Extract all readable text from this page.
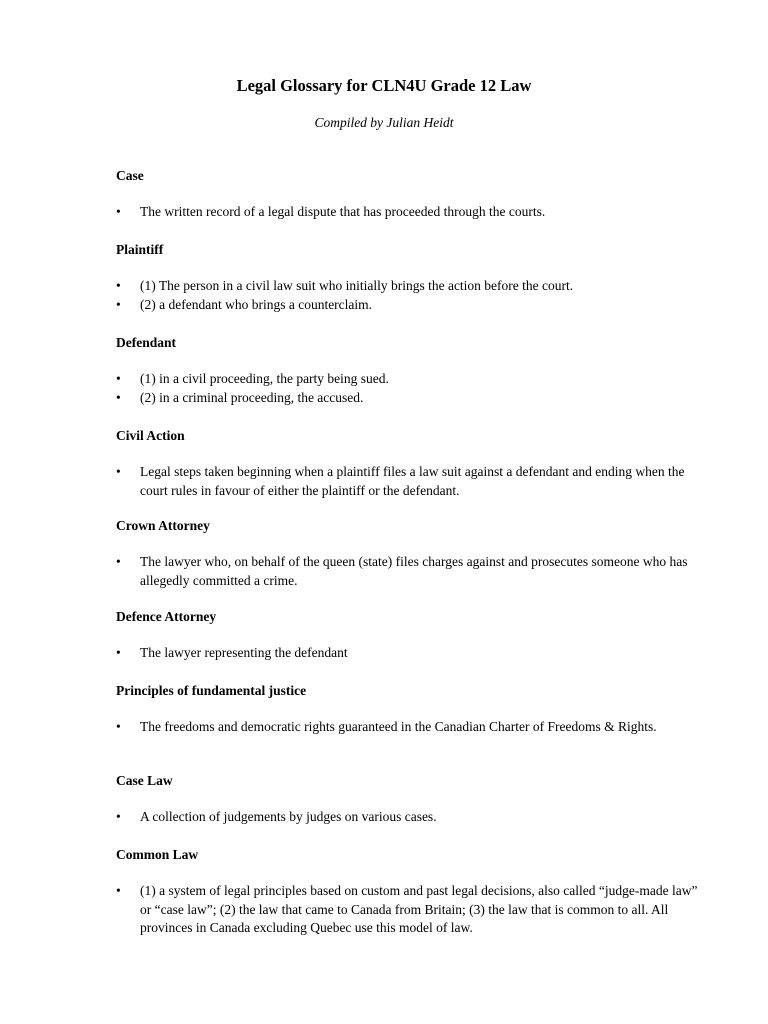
Legal Glossary for CLN4U Grade 12 Law

Compiled by Julian Heidt

Case

• The written record of a legal dispute that has proceeded through the courts.

Plaintiff

• (1) The person in a civil law suit who initially brings the action before the court.
• (2) a defendant who brings a counterclaim.

Defendant

• (1) in a civil proceeding, the party being sued.
• (2) in a criminal proceeding, the accused.

Civil Action

• Legal steps taken beginning when a plaintiff files a law suit against a defendant and ending when the court rules in favour of either the plaintiff or the defendant.

Crown Attorney

• The lawyer who, on behalf of the queen (state) files charges against and prosecutes someone who has allegedly committed a crime.

Defence Attorney

• The lawyer representing the defendant

Principles of fundamental justice

• The freedoms and democratic rights guaranteed in the Canadian Charter of Freedoms & Rights.

Case Law

• A collection of judgements by judges on various cases.

Common Law

• (1) a system of legal principles based on custom and past legal decisions, also called “judge-made law” or “case law”; (2) the law that came to Canada from Britain; (3) the law that is common to all. All provinces in Canada excluding Quebec use this model of law.
